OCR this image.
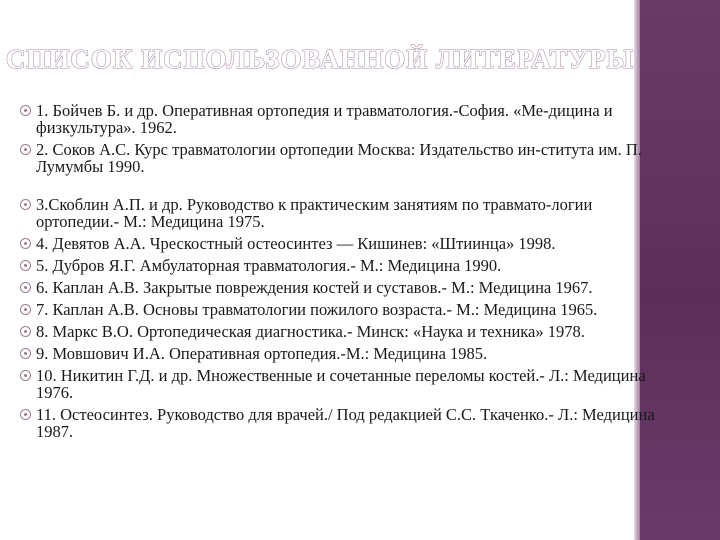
СПИСОК ИСПОЛЬЗОВАННОЙ ЛИТЕРАТУРЫ
1. Бойчев Б. и др. Оперативная ортопедия и травматология.-София. «Ме-дицина и физкультура». 1962.
2. Соков А.С. Курс травматологии ортопедии Москва: Издательство ин-ститута им. П. Лумумбы 1990.
3.Скоблин А.П. и др. Руководство к практическим занятиям по травмато-логии ортопедии.- М.: Медицина 1975.
4. Девятов А.А. Чрескостный остеосинтез — Кишинев: «Штиинца» 1998.
5. Дубров Я.Г. Амбулаторная травматология.- М.: Медицина 1990.
6. Каплан А.В. Закрытые повреждения костей и суставов.- М.: Медицина 1967.
7. Каплан А.В. Основы травматологии пожилого возраста.- М.: Медицина 1965.
8. Маркс В.О. Ортопедическая диагностика.- Минск: «Наука и техника» 1978.
9. Мовшович И.А. Оперативная ортопедия.-М.: Медицина 1985.
10. Никитин Г.Д. и др. Множественные и сочетанные переломы костей.- Л.: Медицина 1976.
11. Остеосинтез. Руководство для врачей./ Под редакцией С.С. Ткаченко.- Л.: Медицина 1987.
